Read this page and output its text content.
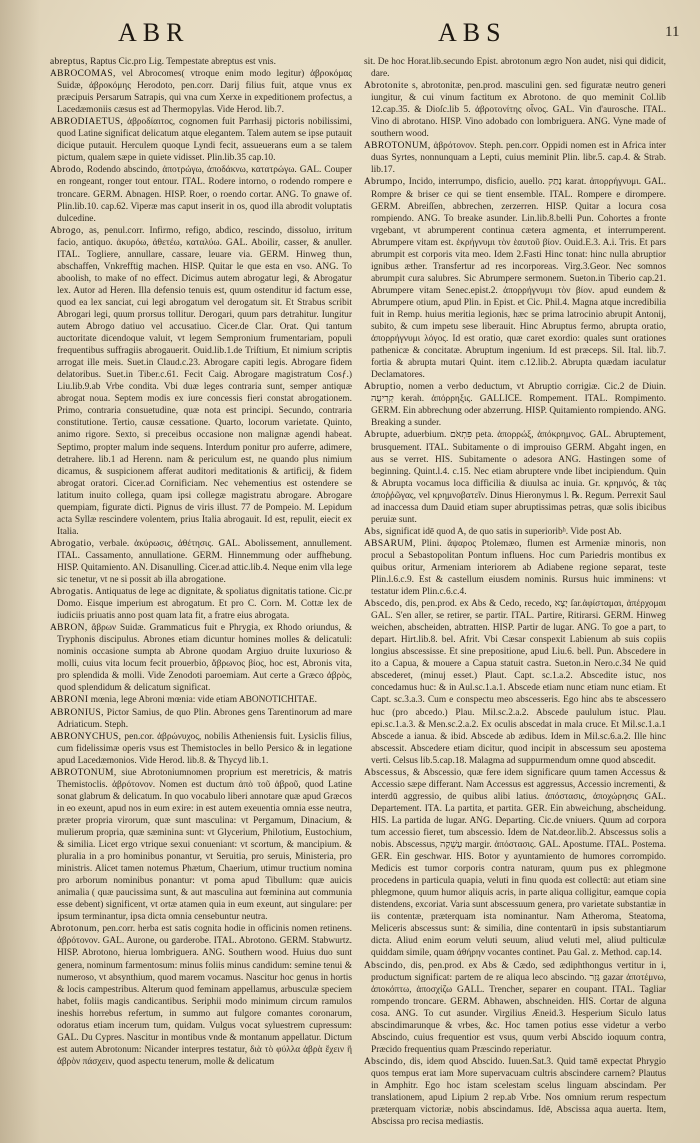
ABR	ABS	11
abreptus, Raptus Cic.pro Lig. Tempestate abreptus est vnis.
ABROCOMAS, vel Abrocomes( vtroque enim modo legitur) ἀβροκόμας Suidæ, ἀβροκόμης Herodoto, pen.corr. Darij filius fuit, atque vnus ex præcipuis Persarum Satrapis, qui vna cum Xerxe in expeditionem profectus, a Lacedæmoniis cæsus est ad Thermopylas. Vide Herod. lib.7.
ABRODIAETUS, ἀβροδίαιτος, cognomen fuit Parrhasij pictoris nobilissimi, quod Latine significat delicatum atque elegantem. Talem autem se ipse putauit dicique putauit. Herculem quoque Lyndi fecit, assueuerans eum a se talem pictum, qualem sæpe in quiete vidisset. Plin.lib.35 cap.10.
Abrodo, Rodendo abscindo, ἀποτρώγω, ἀποδάκνω, κατατρώγω. GAL. Couper en rongeant, ronger tout entour. ITAL. Rodere intorno, o rodendo rompere e troncare. GERM. Abnagen. HISP. Roer, o roendo cortar. ANG. To gnawe of. Plin.lib.10. cap.62. Viperæ mas caput inserit in os, quod illa abrodit voluptatis dulcedine.
Abrogo, as, penul.corr. Infirmo, refigo, abdico, rescindo, dissoluo, irritum facio, antiquo. ἀκυρόω, ἀθετέω, καταλύω. GAL. Aboilir, casser, & anuller. ITAL. Togliere, annullare, cassare, leuare via. GERM. Hinweg thun, abschaffen, Vnkrefftig machen. HISP. Quitar le que esta en vso. ANG. To aboolish, to make of no effect. Dicimus autem abrogatur legi, & Abrogatur lex. Autor ad Heren. Illa defensio tenuis est, quum ostenditur id factum esse, quod ea lex sanciat, cui legi abrogatum vel derogatum sit. Et Strabus scribit Abrogari legi, quum prorsus tollitur. Derogari, quum pars detrahitur. Iungitur autem Abrogo datiuo vel accusatiuo. Cicer.de Clar. Orat. Qui tantum auctoritate dicendoque valuit, vt legem Sempronium frumentariam, populi frequentibus suffragiis abrogauerit. Ouid.lib.1.de Triſtium, Et nimium scriptis arrogat ille meis. Suet.in Claud.c.23. Abrogare capiti legis. Abrogare fidem delatoribus. Suet.in Tiber.c.61. Fecit Caig. Abrogare magistratum Cosƒ.) Liu.lib.9.ab Vrbe condita. Vbi duæ leges contraria sunt, semper antiquæ abrogat noua. Septem modis ex iure concessis fieri constat abrogationem. Primo, contraria consuetudine, quæ nota est principi. Secundo, contraria constitutione. Tertio, causæ cessatione. Quarto, locorum varietate. Quinto, animo rigore. Sexto, si preceibus occasione non malignæ agendi habeat. Septimo, propter malum inde sequens. Interdum ponitur pro auferre, adimere, detrahere. lib.1 ad Herenn. nam & periculum est, ne quando plus nimium dicamus, & suspicionem afferat auditori meditationis & artificij, & fidem abrogat oratori. Cicer.ad Cornificiam. Nec vehementius est ostendere se latitum inuito collega, quam ipsi collegæ magistratu abrogare. Abrogare quempiam, figurate dicti. Pignus de viris illust. 77 de Pompeio. M. Lepidum acta Syllæ rescindere volentem, prius Italia abrogauit. Id est, repulit, eiecit ex Italia.
Abrogatio, verbale. ἀκύρωσις, ἀθέτησις. GAL. Abolissement, annullement. ITAL. Cassamento, annullatione. GERM. Hinnemmung oder auffhebung. HISP. Quitamiento. AN. Disanulling. Cicer.ad attic.lib.4. Neque enim vlla lege sic tenetur, vt ne si possit ab illa abrogatione.
Abrogatis. Antiquatus de lege ac dignitate, & spoliatus dignitatis tatione. Cic.pr Domo. Eisque imperium est abrogatum. Et pro C. Corn. M. Cottæ lex de iudiciis priuatis anno post quam lata fit, a fratre eius abrogata.
ABRON, ἄβρων Suidæ. Grammaticus fuit e Phrygia, ex Rhodo oriundus, & Tryphonis discipulus. Abrones etiam dicuntur homines molles & delicatuli: nominis occasione sumpta ab Abrone quodam Argiuo druite luxurioso & molli, cuius vita locum fecit prouerbio, ἄβρωνος βίος, hoc est, Abronis vita, pro splendida & molli. Vide Zenodoti paroemiam. Aut certe a Græco ἀβρὸς, quod splendidum & delicatum significat.
ABRONI mœnia, lege Abroni mœnia: vide etiam ABONOTICHITAE.
ABRONIUS, Pictor Samius, de quo Plin. Abrones gens Tarentinorum ad mare Adriaticum. Steph.
ABRONYCHUS, pen.cor. ἀβρώνυχος, nobilis Atheniensis fuit. Lysiclis filius, cum fidelissimæ operis vsus est Themistocles in bello Persico & in legatione apud Lacedæmonios. Vide Herod. lib.8. & Thycyd lib.1.
ABROTONUM, siue Abrotoniumnomen proprium est meretricis, & matris Themistoclis. ἁβρότονον. Nomen est ductum ἀπὸ τοῦ ἁβροῦ, quod Latine sonat glabrum & delicatum. In quo vocabulo liberi annotare quæ apud Græcos in eo exeunt, apud nos in eum exire: in est autem exeuentia omnia esse neutra, præter propria virorum, quæ sunt masculina: vt Pergamum, Dinacium, & mulierum propria, quæ sæminina sunt: vt Glycerium, Philotium, Eustochium, & similia. Licet ergo vtrique sexui conueniant: vt scortum, & mancipium. & pluralia in a pro hominibus ponantur, vt Seruitia, pro seruis, Ministeria, pro ministris. Alicet tamen notemus Phætum, Chaerium, utimur tructium nomina pro arborum nominibus ponantur: vt poma apud Tibullum: quæ auicis animalia ( quæ paucissima sunt, & aut masculina aut fœminina aut communia esse debent) significent, vt ortæ atamen quia in eum exeunt, aut singulare: per ipsum terminantur, ipsa dicta omnia censebuntur neutra.
Abrotonum, pen.corr. herba est satis cognita hodie in officinis nomen retinens. ἀβρότονον. GAL. Aurone, ou garderobe. ITAL. Abrotono. GERM. Stabwurtz. HISP. Abrotono, hierua lombriguera. ANG. Southern wood. Huius duo sunt genera, nominum farmentosum: minus foliis minus candidum: semine tenui & numeroso, vt absynthium, quod marem vocamus. Nascitur hoc genus in hortis & locis campestribus. Alterum quod feminam appellamus, arbusculæ speciem habet, foliis magis candicantibus. Seriphii modo minimum circum ramulos ineshis horrebus refertum, in summo aut fulgore comantes coronarum, odoratus etiam incerum tum, quidam. Vulgus vocat syluestrem cupressum: GAL. Du Cypres. Nascitur in montibus vnde & montanum appellatur. Dictum est autem Abrotonum: Nicander interpres testatur, διὰ τὸ φύλλα ἁβρὰ ἔχειν ἢ ἁβρὸν πάσχειν, quod aspectu tenerum, molle & delicatum
sit. De hoc Horat.lib.secundo Epist. abrotonum ægro Non audet, nisi qui didicit, dare.
Abrotonite s, abrotonitæ, pen.prod. masculini gen. sed figuratæ neutro generi iungitur, & cui vinum factitum ex Abrotono. de quo meminit Col.lib 12.cap.35. & Dioſc.lib 5. ἀβροτονίτης οἶνος. GAL. Vin d'aurosche. ITAL. Vino di abrotano. HISP. Vino adobado con lombriguera. ANG. Vyne made of southern wood.
ABROTONUM, ἀβρότονον. Steph. pen.corr. Oppidi nomen est in Africa inter duas Syrtes, nonnunquam a Lepti, cuius meminit Plin. libr.5. cap.4. & Strab. lib.17.
Abrumpo, Incido, interrumpo, disficio, auello. נָתַק karat. ἀπορρήγνυμι. GAL. Rompre & briser ce qui se tient ensemble. ITAL. Rompere e dirompere. GERM. Abreiſſen, abbrechen, zerzerren. HISP. Quitar a locura cosa rompiendo. ANG. To breake asunder. Lin.lib.8.belli Pun. Cohortes a fronte vrgebant, vt abrumperent continua cætera agmenta, et interrumperent. Abrumpere vitam est. ἐκρήγνυμι τὸν ἑαυτοῦ βίον. Ouid.E.3. A.i. Tris. Et pars abrumpit est corporis vita meo. Idem 2.Fasti Hinc tonat: hinc nulla abruptior ignibus æther. Transfertur ad res incorporeas. Virg.3.Geor. Nec somnos abrumpit cura salubres. Sic Abrumpere sermonem. Sueton.in Tiberio cap.21. Abrumpere vitam Senec.epist.2. ἀπορρήγνυμι τὸν βίον. apud eundem & Abrumpere otium, apud Plin. in Epist. et Cic. Phil.4. Magna atque incredibilia fuit in Remp. huius meritia legionis, hæc se prima latrocinio abrupit Antonij, subito, & cum impetu sese liberauit. Hinc Abruptus fermo, abrupta oratio, ἀπορρήγνυμι λόγος. Id est oratio, quæ caret exordio: quales sunt orationes pathenicæ & concitatæ. Abruptum ingenium. Id est præceps. Sil. Ital. lib.7. fortia & abrupta mutari Quint. item c.12.lib.2. Abrupta quædam iaculatur Declamatores.
Abruptio, nomen a verbo deductum, vt Abruptio corrigiæ. Cic.2 de Diuin. קְרִיעָה kerah. ἀπόρρηξις. GALLICE. Rompement. ITAL. Rompimento. GERM. Ein abbrechung oder abzerrung. HISP. Quitamiento rompiendo. ANG. Breaking a sunder.
Abrupte, aduerbium. פִּתְאֹם peta. ἀπορρώξ, ἀπόκρημνος. GAL. Abruptement, brusquement. ITAL. Subitamente o di improuiso GERM. Abgaht ingen, en aus se verret. HIS. Subitamente o adesora ANG. Hastingen some of beginning. Quint.l.4. c.15. Nec etiam abruptere vnde libet incipiendum. Quin & Abrupta vocamus loca difficilia & diuulsa ac inuia. Gr. κρημνός, & τὰς ἀποῤῥῶγας, vel κρημνοβατεῖν. Dinus Hieronymus l. ℞. Regum. Perrexit Saul ad inaccessa dum Dauid etiam super abruptissimas petras, quæ solis ibicibus peruiæ sunt.
Abs, significat idē quod A, de quo satis in superioribʰ. Vide post Ab.
ABSARUM, Plini. ἄψαρος Ptolemæo, flumen est Armeniæ minoris, non procul a Sebastopolitan Pontum influens. Hoc cum Pariedris montibus ex quibus oritur, Armeniam interiorem ab Adiabene regione separat, teste Plin.l.6.c.9. Est & castellum eiusdem nominis. Rursus huic imminens: vt testatur idem Plin.c.6.c.4.
Abscedo, dis, pen.prod. ex Abs & Cedo, recedo, יָצָא ſar.ἀφίσταμαι, ἀπέρχομαι GAL. S'en aller, se retirer, se partir. ITAL. Partire, Ritirarsi. GERM. Hinweg weichen, abscheiden, abtratten. HISP. Partir de lugar. ANG. To goe a part, to depart. Hirt.lib.8. bel. Afrit. Vbi Cæsar conspexit Labienum ab suis copiis longius abscessisse. Et sine prepositione, apud Liu.6. bell. Pun. Abscedere in ito a Capua, & mouere a Capua statuit castra. Sueton.in Nero.c.34 Ne quid abscederet, (minuj esset.) Plaut. Capt. sc.1.a.2. Abscedite istuc, nos concedamus huc: & in Aul.sc.1.a.1. Abscede etiam nunc etiam nunc etiam. Et Capt. sc.3.a.3. Cum e conspectu meo abscesseris. Ego hinc abs te abscessero huc (pro abcedo.) Plau. Mil.sc.2.a.2. Abscede paululum istuc. Plau. epi.sc.1.a.3. & Men.sc.2.a.2. Ex oculis abscedat in mala cruce. Et Mil.sc.1.a.1 Abscede a ianua. & ibid. Abscede ab ædibus. Idem in Mil.sc.6.a.2. Ille hinc abscessit. Abscedere etiam dicitur, quod incipit in abscessum seu apostema verti. Celsus lib.5.cap.18. Malagma ad suppurmendum omne quod abscedit.
Abscessus, & Abscessio, quæ fere idem significare quum tamen Accessus & Accessio sæpe differant. Nam Accessus est aggressus, Accessio incrementi, & interdū aggressio, de quibus alibi latius. ἀπόστασις, ἀποχώρησις GAL. Departement. ITA. La partita, et partita. GER. Ein abweichung, abscheidung. HIS. La partida de lugar. ANG. Departing. Cic.de vniuers. Quum ad corpora tum accessio fieret, tum abscessio. Idem de Nat.deor.lib.2. Abscessus solis a nobis. Abscessus, עַשְׁקָה margir. ἀπόστασις. GAL. Apostume. ITAL. Postema. GER. Ein geschwar. HIS. Botor y ayuntamiento de humores corrompido. Medicis est tumor corporis contra naturam, quum pus ex phlegmone procedens in particula quapia, veluti in finu quoda est collectū: aut etiam sine phlegmone, quum humor aliquis acris, in parte aliqua colligitur, eamque copia distendens, excoriat. Varia sunt abscessuum genera, pro varietate substantiæ in iis contentæ, præterquam ista nominantur. Nam Atheroma, Steatoma, Meliceris abscessus sunt: & similia, dine contentarū in ipsis substantiarum dicta. Aliud enim eorum veluti seuum, aliud veluti mel, aliud pulticulæ quiddam simile, quam ἀθήρην vocantes continet. Pau Gal. z. Method. cap.14.
Abscindo, dis, pen.prod. ex Abs & Cædo, sed ædiphthongus vertitur in i, productum significat: partem de re aliqua leco abscindo. גָּזַר gazar ἀποτέμνω, ἀποκόπτω, ἀποσχίζω GALL. Trencher, separer en coupant. ITAL. Tagliar rompendo troncare. GERM. Abhawen, abschneiden. HIS. Cortar de alguna cosa. ANG. To cut asunder. Virgilius Æneid.3. Hesperium Siculo latus abscindimarunque & vrbes, &c. Hoc tamen potius esse videtur a verbo Abscindo, cuius frequentior est vsus, quum verbi Abscido ioquum contra, Præcido frequentius quam Præscindo reperiatur.
Abscindo, dis, idem quod Abscido. Iuuen.Sat.3. Quid tamē expectat Phrygio quos tempus erat iam More supervacuam cultris abscindere carnem? Plautus in Amphitr. Ego hoc istam scelestam scelus linguam abscindam. Per translationem, apud Lipium 2 rep.ab Vrbe. Nos omnium rerum respectum præterquam victoriæ, nobis abscindamus. Idē, Abscissa aqua auerta. Item, Abscissa pro recisa mediastis.
